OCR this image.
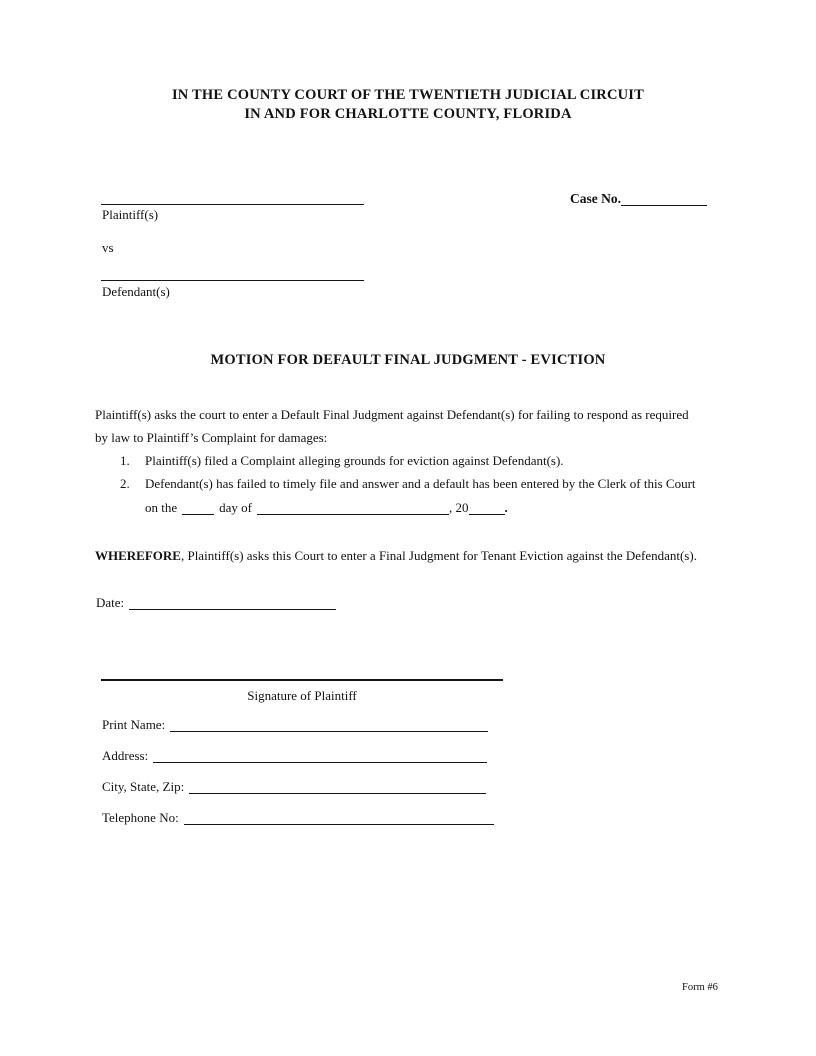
IN THE COUNTY COURT OF THE TWENTIETH JUDICIAL CIRCUIT
IN AND FOR CHARLOTTE COUNTY, FLORIDA
Plaintiff(s)
Case No.
vs
Defendant(s)
MOTION FOR DEFAULT FINAL JUDGMENT - EVICTION
Plaintiff(s) asks the court to enter a Default Final Judgment against Defendant(s) for failing to respond as required
by law to Plaintiff’s Complaint for damages:
1.	Plaintiff(s) filed a Complaint alleging grounds for eviction against Defendant(s).
2.	Defendant(s) has failed to timely file and answer and a default has been entered by the Clerk of this Court
on the	day of	, 20	.
WHEREFORE, Plaintiff(s) asks this Court to enter a Final Judgment for Tenant Eviction against the Defendant(s).
Date:
Signature of Plaintiff
Print Name:
Address:
City, State, Zip:
Telephone No:
Form #6
